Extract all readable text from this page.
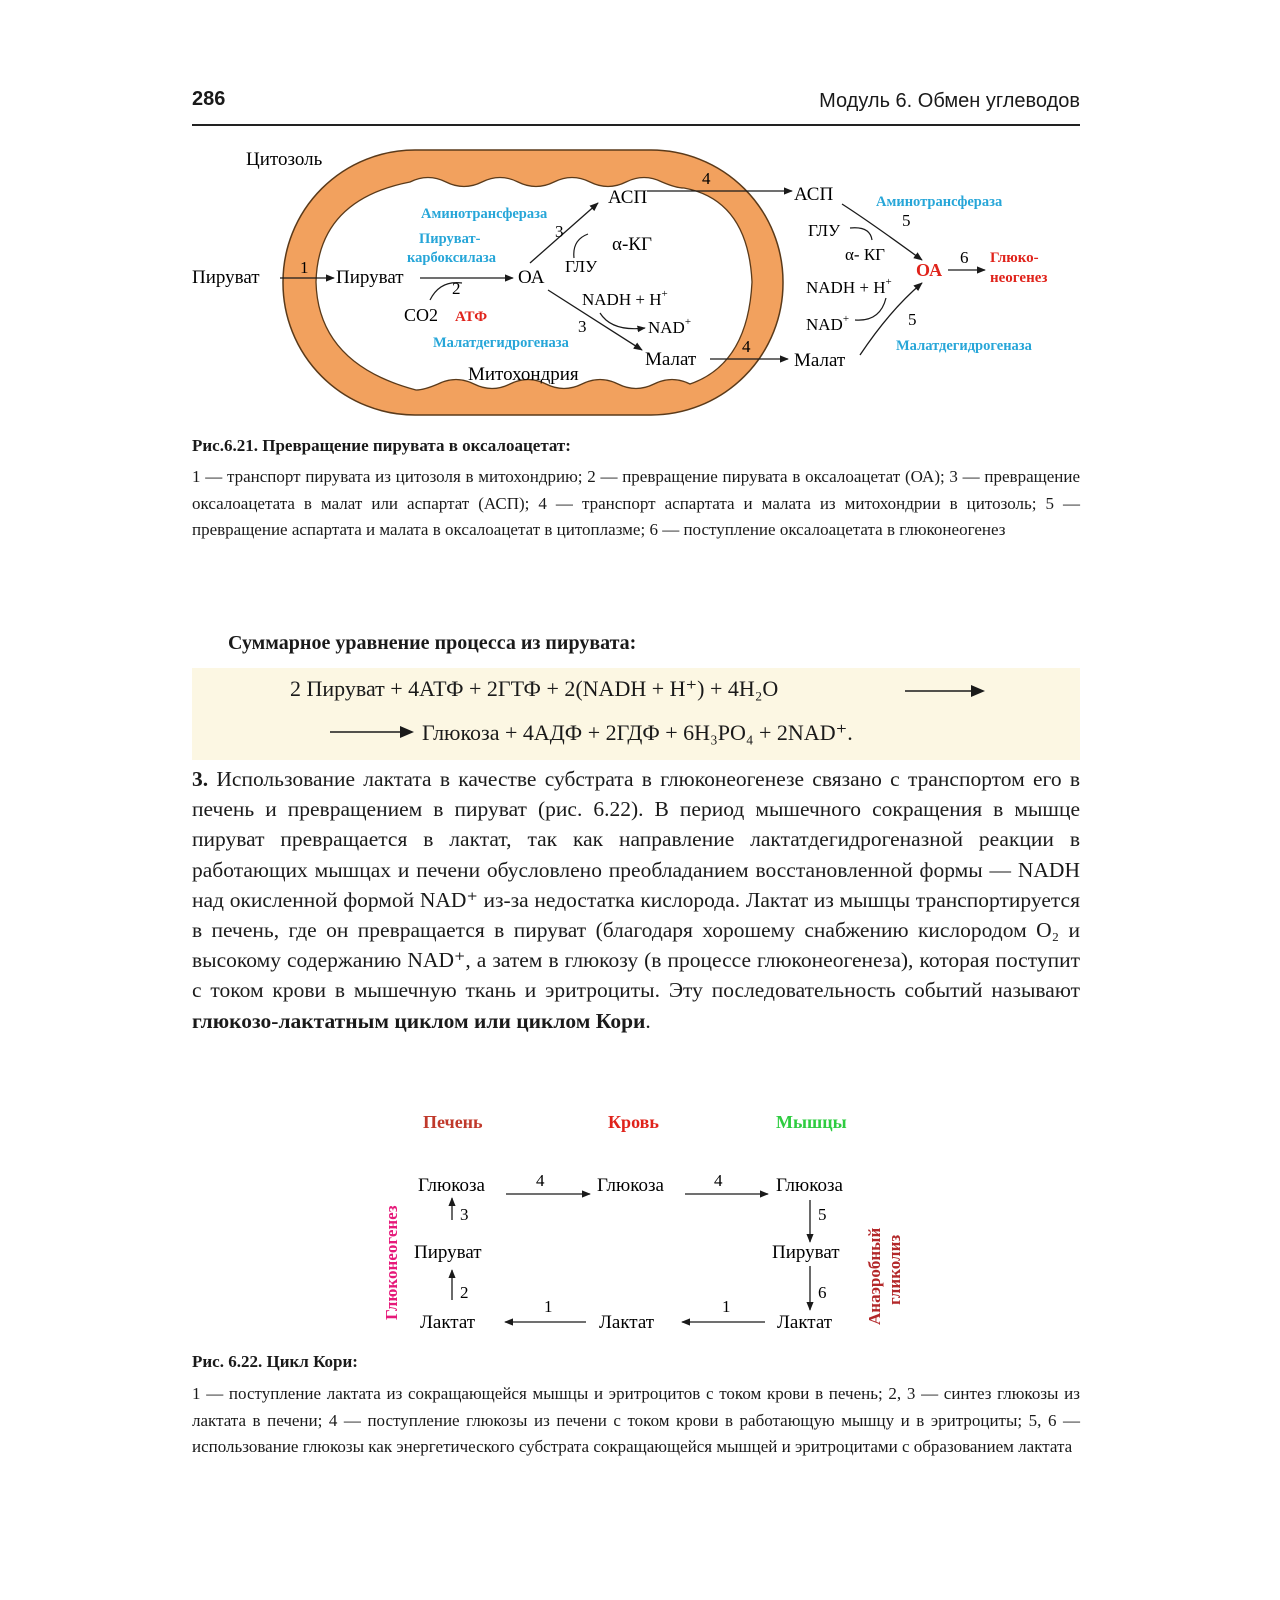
286	Модуль 6. Обмен углеводов
Цитозоль
Митохондрия
Пируват 1 Пируват
2
CO2 АТФ
Пируват-
карбоксилаза
ОА
3
Аминотрансфераза
АСП
α-КГ
ГЛУ
3
NADH + H+
NAD+
Малатдегидрогеназа
Малат
4
4
АСП
ГЛУ
α- КГ
5
Аминотрансфераза
NADH + H+
NAD+
Малат
5
Малатдегидрогеназа
ОА
6 Глюко-
неогенез
Рис.6.21. Превращение пирувата в оксалоацетат:
1 — транспорт пирувата из цитозоля в митохондрию; 2 — превращение пирувата в оксалоацетат (ОА); 3 — превращение оксалоацетата в малат или аспартат (АСП); 4 — транспорт аспартата и малата из митохондрии в цитозоль; 5 — превращение аспартата и малата в оксалоацетат в цитоплазме; 6 — поступление оксалоацетата в глюконеогенез
Суммарное уравнение процесса из пирувата:
2 Пируват + 4АТФ + 2ГТФ + 2(NADH + H⁺) + 4H₂O
Глюкоза + 4АДФ + 2ГДФ + 6H₃PO₄ + 2NAD⁺.
3. Использование лактата в качестве субстрата в глюконеогенезе связано с транспортом его в печень и превращением в пируват (рис. 6.22). В период мышечного сокращения в мышце пируват превращается в лактат, так как направление лактатдегидрогеназной реакции в работающих мышцах и печени обусловлено преобладанием восстановленной формы — NADH над окисленной формой NAD⁺ из-за недостатка кислорода. Лактат из мышцы транспортируется в печень, где он превращается в пируват (благодаря хорошему снабжению кислородом O₂ и высокому содержанию NAD⁺, а затем в глюкозу (в процессе глюконеогенеза), которая поступит с током крови в мышечную ткань и эритроциты. Эту последовательность событий называют глюкозо-лактатным циклом или циклом Кори.
Печень	Кровь	Мышцы
Глюкоза	4	Глюкоза	4	Глюкоза
3
Пируват
2
5
Пируват
6
Лактат
1
Лактат
1
Лактат
Глюконеогенез	Анаэробный гликолиз
Рис. 6.22. Цикл Кори:
1 — поступление лактата из сокращающейся мышцы и эритроцитов с током крови в печень; 2, 3 — синтез глюкозы из лактата в печени; 4 — поступление глюкозы из печени с током крови в работающую мышцу и в эритроциты; 5, 6 — использование глюкозы как энергетического субстрата сокращающейся мышцей и эритроцитами с образованием лактата
